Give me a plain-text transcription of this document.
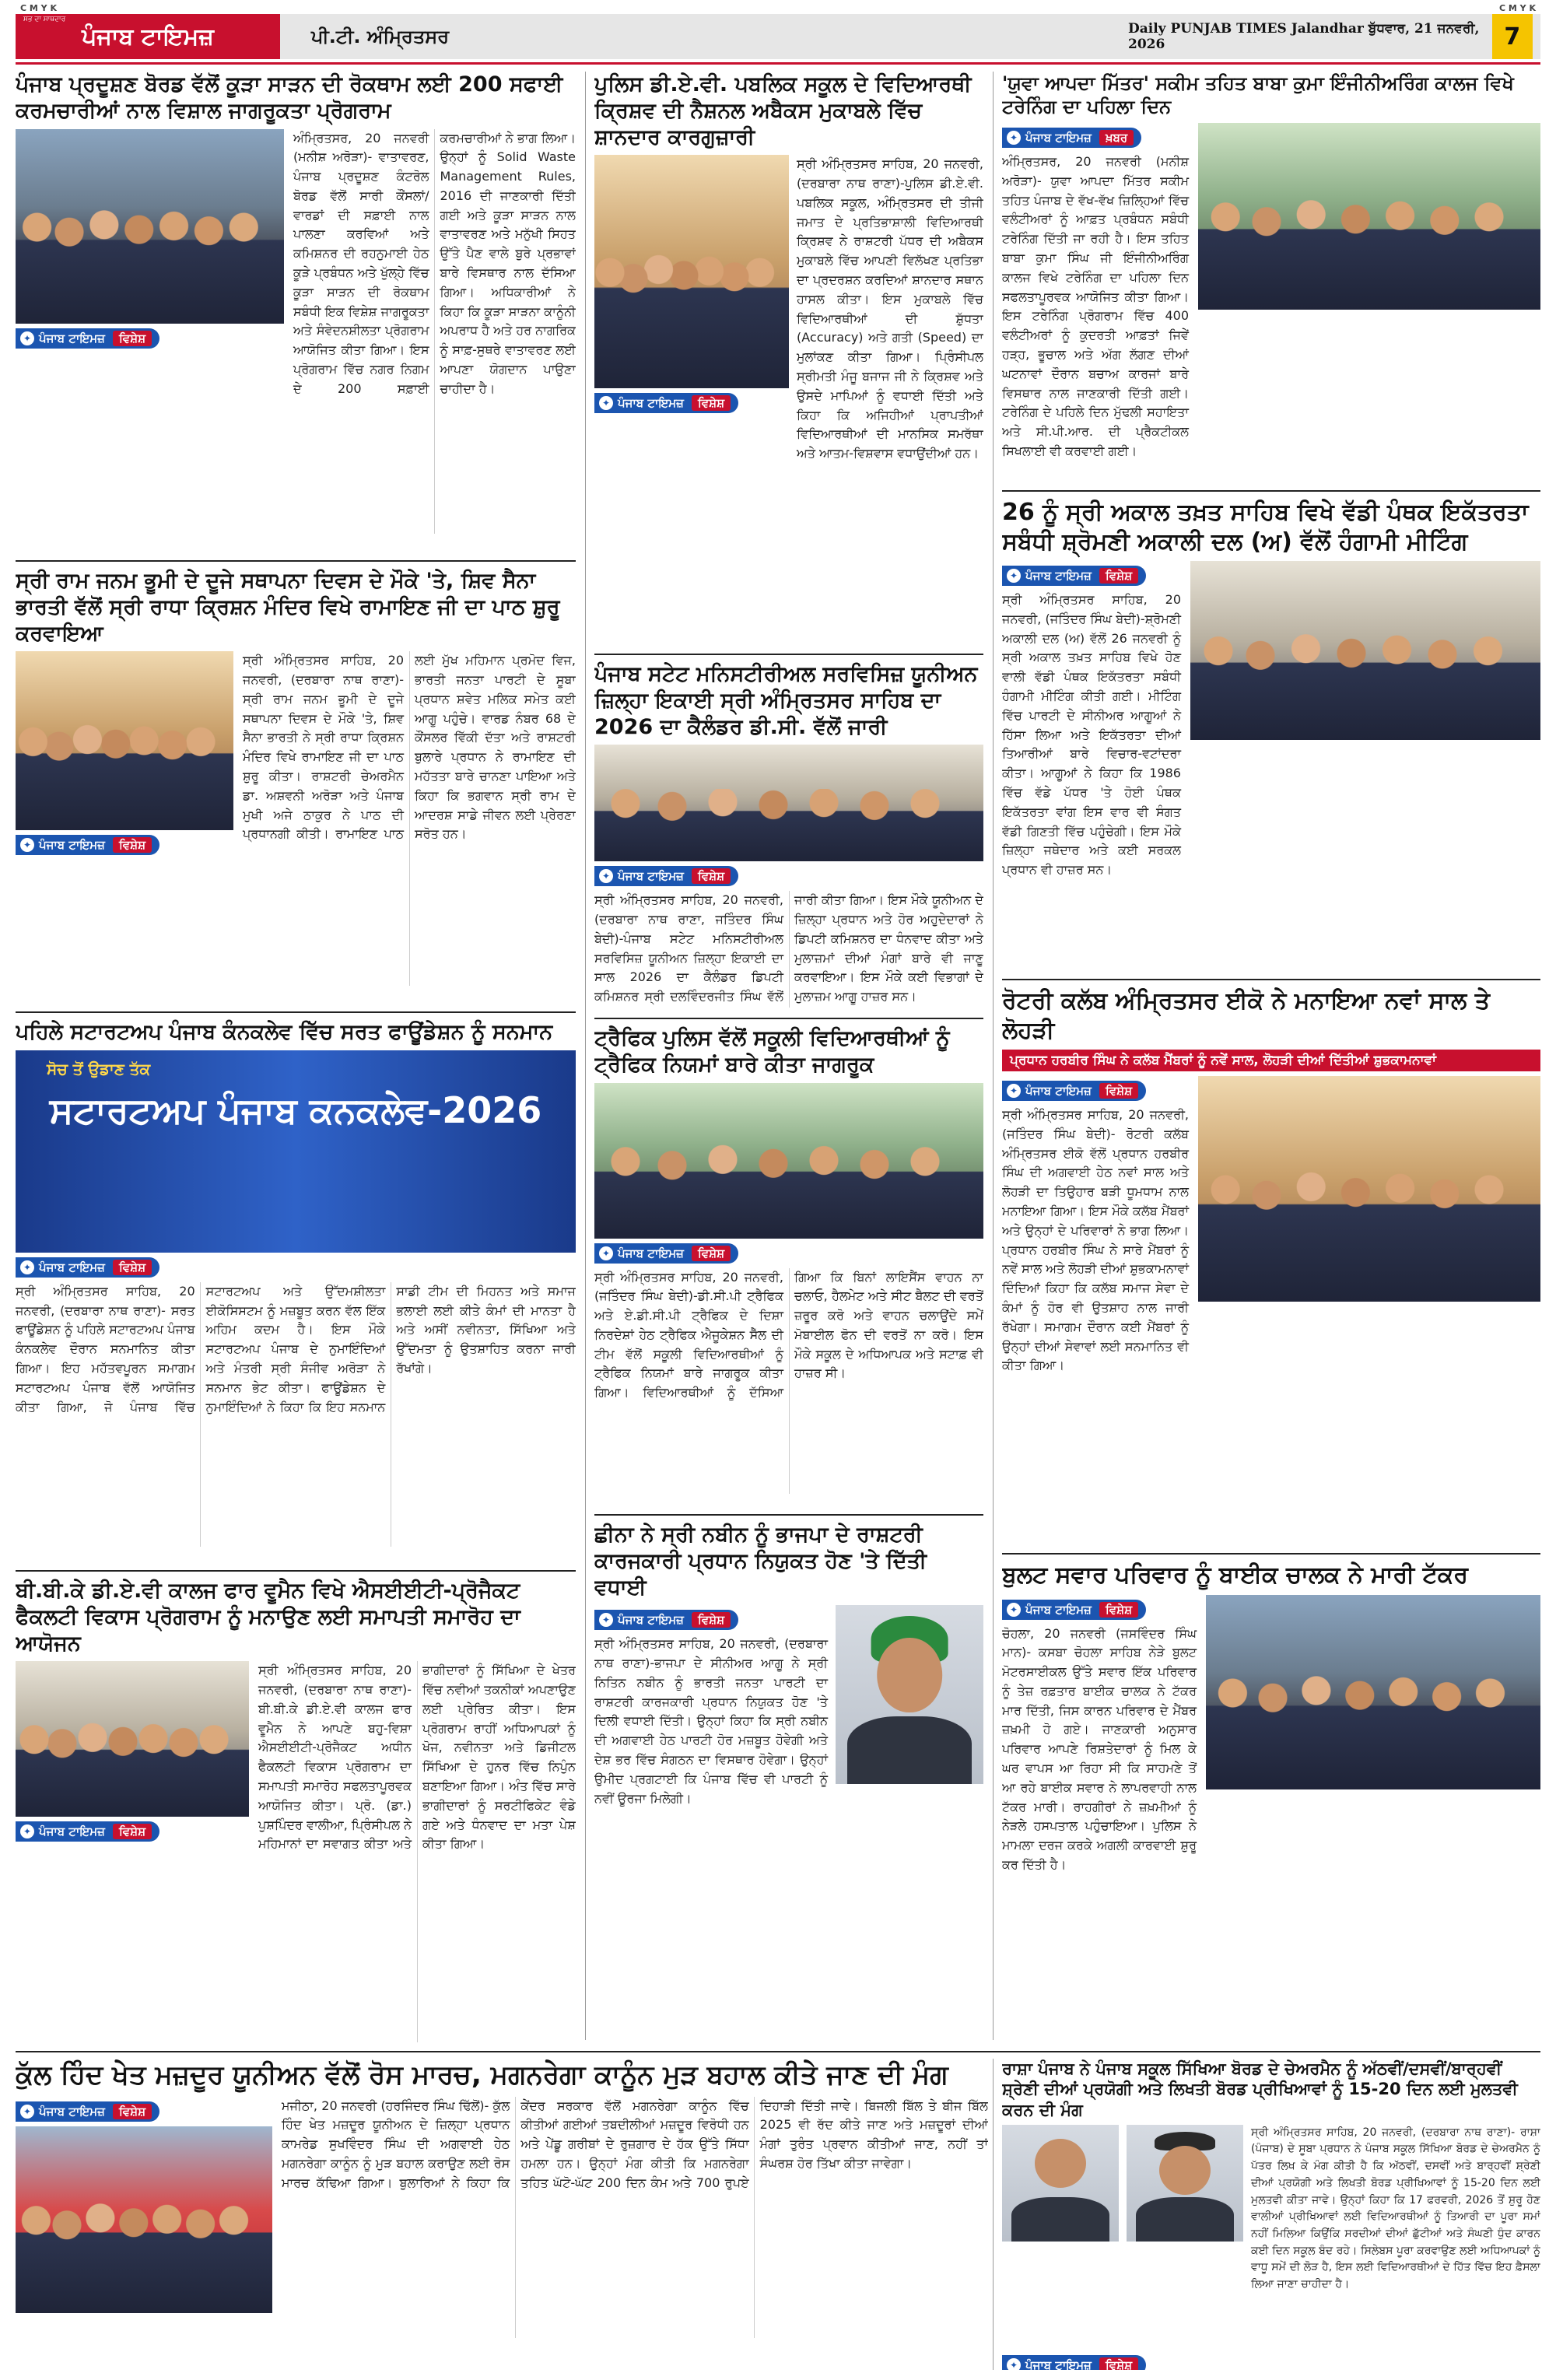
C M Y K	C M Y K
ਸਭ ਦਾ ਸਾਥਦਾਰ
ਪੰਜਾਬ ਟਾਇਮਜ਼	ਪੀ.ਟੀ. ਅੰਮ੍ਰਿਤਸਰ	Daily PUNJAB TIMES Jalandhar ਬੁੱਧਵਾਰ, 21 ਜਨਵਰੀ, 2026	7
ਪੰਜਾਬ ਪ੍ਰਦੂਸ਼ਣ ਬੋਰਡ ਵੱਲੋਂ ਕੂੜਾ ਸਾੜਨ ਦੀ ਰੋਕਥਾਮ ਲਈ 200 ਸਫਾਈ ਕਰਮਚਾਰੀਆਂ ਨਾਲ ਵਿਸ਼ਾਲ ਜਾਗਰੂਕਤਾ ਪ੍ਰੋਗਰਾਮ
✦ ਪੰਜਾਬ ਟਾਇਮਜ਼	ਵਿਸ਼ੇਸ਼
ਅੰਮ੍ਰਿਤਸਰ, 20 ਜਨਵਰੀ (ਮਨੀਸ਼ ਅਰੋੜਾ)- ਵਾਤਾਵਰਣ, ਪੰਜਾਬ ਪ੍ਰਦੂਸ਼ਣ ਕੰਟਰੋਲ ਬੋਰਡ ਵੱਲੋਂ ਸਾਰੀ ਕੌਂਸਲਾਂ/ਵਾਰਡਾਂ ਦੀ ਸਫ਼ਾਈ ਨਾਲ ਪਾਲਣਾ ਕਰਵਿਆਂ ਅਤੇ ਕਮਿਸ਼ਨਰ ਦੀ ਰਹਨੁਮਾਈ ਹੇਠ ਕੂੜੇ ਪ੍ਰਬੰਧਨ ਅਤੇ ਖੁੱਲ੍ਹੇ ਵਿੱਚ ਕੂੜਾ ਸਾੜਨ ਦੀ ਰੋਕਥਾਮ ਸਬੰਧੀ ਇਕ ਵਿਸ਼ੇਸ਼ ਜਾਗਰੂਕਤਾ ਅਤੇ ਸੰਵੇਦਨਸ਼ੀਲਤਾ ਪ੍ਰੋਗਰਾਮ ਆਯੋਜਿਤ ਕੀਤਾ ਗਿਆ। ਇਸ ਪ੍ਰੋਗਰਾਮ ਵਿੱਚ ਨਗਰ ਨਿਗਮ ਦੇ 200 ਸਫ਼ਾਈ ਕਰਮਚਾਰੀਆਂ ਨੇ ਭਾਗ ਲਿਆ। ਉਨ੍ਹਾਂ ਨੂੰ Solid Waste Management Rules, 2016 ਦੀ ਜਾਣਕਾਰੀ ਦਿੱਤੀ ਗਈ ਅਤੇ ਕੂੜਾ ਸਾੜਨ ਨਾਲ ਵਾਤਾਵਰਣ ਅਤੇ ਮਨੁੱਖੀ ਸਿਹਤ ਉੱਤੇ ਪੈਣ ਵਾਲੇ ਬੁਰੇ ਪ੍ਰਭਾਵਾਂ ਬਾਰੇ ਵਿਸਥਾਰ ਨਾਲ ਦੱਸਿਆ ਗਿਆ। ਅਧਿਕਾਰੀਆਂ ਨੇ ਕਿਹਾ ਕਿ ਕੂੜਾ ਸਾੜਨਾ ਕਾਨੂੰਨੀ ਅਪਰਾਧ ਹੈ ਅਤੇ ਹਰ ਨਾਗਰਿਕ ਨੂੰ ਸਾਫ਼-ਸੁਥਰੇ ਵਾਤਾਵਰਣ ਲਈ ਆਪਣਾ ਯੋਗਦਾਨ ਪਾਉਣਾ ਚਾਹੀਦਾ ਹੈ।
ਸ੍ਰੀ ਰਾਮ ਜਨਮ ਭੂਮੀ ਦੇ ਦੂਜੇ ਸਥਾਪਨਾ ਦਿਵਸ ਦੇ ਮੌਕੇ 'ਤੇ, ਸ਼ਿਵ ਸੈਨਾ ਭਾਰਤੀ ਵੱਲੋਂ ਸ੍ਰੀ ਰਾਧਾ ਕ੍ਰਿਸ਼ਨ ਮੰਦਿਰ ਵਿਖੇ ਰਾਮਾਇਣ ਜੀ ਦਾ ਪਾਠ ਸ਼ੁਰੂ ਕਰਵਾਇਆ
✦ ਪੰਜਾਬ ਟਾਇਮਜ਼	ਵਿਸ਼ੇਸ਼
ਸ੍ਰੀ ਅੰਮ੍ਰਿਤਸਰ ਸਾਹਿਬ, 20 ਜਨਵਰੀ, (ਦਰਬਾਰਾ ਨਾਥ ਰਾਣਾ)-ਸ੍ਰੀ ਰਾਮ ਜਨਮ ਭੂਮੀ ਦੇ ਦੂਜੇ ਸਥਾਪਨਾ ਦਿਵਸ ਦੇ ਮੌਕੇ 'ਤੇ, ਸ਼ਿਵ ਸੈਨਾ ਭਾਰਤੀ ਨੇ ਸ੍ਰੀ ਰਾਧਾ ਕ੍ਰਿਸ਼ਨ ਮੰਦਿਰ ਵਿਖੇ ਰਾਮਾਇਣ ਜੀ ਦਾ ਪਾਠ ਸ਼ੁਰੂ ਕੀਤਾ। ਰਾਸ਼ਟਰੀ ਚੇਅਰਮੈਨ ਡਾ. ਅਸ਼ਵਨੀ ਅਰੋੜਾ ਅਤੇ ਪੰਜਾਬ ਮੁਖੀ ਅਜੇ ਠਾਕੁਰ ਨੇ ਪਾਠ ਦੀ ਪ੍ਰਧਾਨਗੀ ਕੀਤੀ। ਰਾਮਾਇਣ ਪਾਠ ਲਈ ਮੁੱਖ ਮਹਿਮਾਨ ਪ੍ਰਮੋਦ ਵਿਜ, ਭਾਰਤੀ ਜਨਤਾ ਪਾਰਟੀ ਦੇ ਸੂਬਾ ਪ੍ਰਧਾਨ ਸ਼ਵੇਤ ਮਲਿਕ ਸਮੇਤ ਕਈ ਆਗੂ ਪਹੁੰਚੇ। ਵਾਰਡ ਨੰਬਰ 68 ਦੇ ਕੌਂਸਲਰ ਵਿੱਕੀ ਦੱਤਾ ਅਤੇ ਰਾਸ਼ਟਰੀ ਬੁਲਾਰੇ ਪ੍ਰਧਾਨ ਨੇ ਰਾਮਾਇਣ ਦੀ ਮਹੱਤਤਾ ਬਾਰੇ ਚਾਨਣਾ ਪਾਇਆ ਅਤੇ ਕਿਹਾ ਕਿ ਭਗਵਾਨ ਸ੍ਰੀ ਰਾਮ ਦੇ ਆਦਰਸ਼ ਸਾਡੇ ਜੀਵਨ ਲਈ ਪ੍ਰੇਰਣਾ ਸਰੋਤ ਹਨ।
ਪਹਿਲੇ ਸਟਾਰਟਅਪ ਪੰਜਾਬ ਕੰਨਕਲੇਵ ਵਿੱਚ ਸਰਤ ਫਾਊਂਡੇਸ਼ਨ ਨੂੰ ਸਨਮਾਨ
ਸੋਚ ਤੋਂ ਉਡਾਣ ਤੱਕ
ਸਟਾਰਟਅਪ ਪੰਜਾਬ ਕਨਕਲੇਵ-2026
✦ ਪੰਜਾਬ ਟਾਇਮਜ਼	ਵਿਸ਼ੇਸ਼
ਸ੍ਰੀ ਅੰਮ੍ਰਿਤਸਰ ਸਾਹਿਬ, 20 ਜਨਵਰੀ, (ਦਰਬਾਰਾ ਨਾਥ ਰਾਣਾ)- ਸਰਤ ਫਾਊਂਡੇਸ਼ਨ ਨੂੰ ਪਹਿਲੇ ਸਟਾਰਟਅਪ ਪੰਜਾਬ ਕੰਨਕਲੇਵ ਦੌਰਾਨ ਸਨਮਾਨਿਤ ਕੀਤਾ ਗਿਆ। ਇਹ ਮਹੱਤਵਪੂਰਨ ਸਮਾਗਮ ਸਟਾਰਟਅਪ ਪੰਜਾਬ ਵੱਲੋਂ ਆਯੋਜਿਤ ਕੀਤਾ ਗਿਆ, ਜੋ ਪੰਜਾਬ ਵਿੱਚ ਸਟਾਰਟਅਪ ਅਤੇ ਉੱਦਮਸ਼ੀਲਤਾ ਈਕੋਸਿਸਟਮ ਨੂੰ ਮਜ਼ਬੂਤ ਕਰਨ ਵੱਲ ਇੱਕ ਅਹਿਮ ਕਦਮ ਹੈ। ਇਸ ਮੌਕੇ ਸਟਾਰਟਅਪ ਪੰਜਾਬ ਦੇ ਨੁਮਾਇੰਦਿਆਂ ਅਤੇ ਮੰਤਰੀ ਸ੍ਰੀ ਸੰਜੀਵ ਅਰੋੜਾ ਨੇ ਸਨਮਾਨ ਭੇਟ ਕੀਤਾ। ਫਾਊਂਡੇਸ਼ਨ ਦੇ ਨੁਮਾਇੰਦਿਆਂ ਨੇ ਕਿਹਾ ਕਿ ਇਹ ਸਨਮਾਨ ਸਾਡੀ ਟੀਮ ਦੀ ਮਿਹਨਤ ਅਤੇ ਸਮਾਜ ਭਲਾਈ ਲਈ ਕੀਤੇ ਕੰਮਾਂ ਦੀ ਮਾਨਤਾ ਹੈ ਅਤੇ ਅਸੀਂ ਨਵੀਨਤਾ, ਸਿੱਖਿਆ ਅਤੇ ਉੱਦਮਤਾ ਨੂੰ ਉਤਸ਼ਾਹਿਤ ਕਰਨਾ ਜਾਰੀ ਰੱਖਾਂਗੇ।
ਬੀ.ਬੀ.ਕੇ ਡੀ.ਏ.ਵੀ ਕਾਲਜ ਫਾਰ ਵੂਮੈਨ ਵਿਖੇ ਐਸਈਈਟੀ-ਪ੍ਰੋਜੈਕਟ ਫੈਕਲਟੀ ਵਿਕਾਸ ਪ੍ਰੋਗਰਾਮ ਨੂੰ ਮਨਾਉਣ ਲਈ ਸਮਾਪਤੀ ਸਮਾਰੋਹ ਦਾ ਆਯੋਜਨ
✦ ਪੰਜਾਬ ਟਾਇਮਜ਼	ਵਿਸ਼ੇਸ਼
ਸ੍ਰੀ ਅੰਮ੍ਰਿਤਸਰ ਸਾਹਿਬ, 20 ਜਨਵਰੀ, (ਦਰਬਾਰਾ ਨਾਥ ਰਾਣਾ)-ਬੀ.ਬੀ.ਕੇ ਡੀ.ਏ.ਵੀ ਕਾਲਜ ਫਾਰ ਵੂਮੈਨ ਨੇ ਆਪਣੇ ਬਹੁ-ਵਿਸ਼ਾ ਐਸਈਈਟੀ-ਪ੍ਰੋਜੈਕਟ ਅਧੀਨ ਫੈਕਲਟੀ ਵਿਕਾਸ ਪ੍ਰੋਗਰਾਮ ਦਾ ਸਮਾਪਤੀ ਸਮਾਰੋਹ ਸਫਲਤਾਪੂਰਵਕ ਆਯੋਜਿਤ ਕੀਤਾ। ਪ੍ਰੋ. (ਡਾ.) ਪੁਸ਼ਪਿੰਦਰ ਵਾਲੀਆ, ਪ੍ਰਿੰਸੀਪਲ ਨੇ ਮਹਿਮਾਨਾਂ ਦਾ ਸਵਾਗਤ ਕੀਤਾ ਅਤੇ ਭਾਗੀਦਾਰਾਂ ਨੂੰ ਸਿੱਖਿਆ ਦੇ ਖੇਤਰ ਵਿੱਚ ਨਵੀਆਂ ਤਕਨੀਕਾਂ ਅਪਣਾਉਣ ਲਈ ਪ੍ਰੇਰਿਤ ਕੀਤਾ। ਇਸ ਪ੍ਰੋਗਰਾਮ ਰਾਹੀਂ ਅਧਿਆਪਕਾਂ ਨੂੰ ਖੋਜ, ਨਵੀਨਤਾ ਅਤੇ ਡਿਜੀਟਲ ਸਿੱਖਿਆ ਦੇ ਹੁਨਰ ਵਿੱਚ ਨਿਪੁੰਨ ਬਣਾਇਆ ਗਿਆ। ਅੰਤ ਵਿੱਚ ਸਾਰੇ ਭਾਗੀਦਾਰਾਂ ਨੂੰ ਸਰਟੀਫਿਕੇਟ ਵੰਡੇ ਗਏ ਅਤੇ ਧੰਨਵਾਦ ਦਾ ਮਤਾ ਪੇਸ਼ ਕੀਤਾ ਗਿਆ।
ਪੁਲਿਸ ਡੀ.ਏ.ਵੀ. ਪਬਲਿਕ ਸਕੂਲ ਦੇ ਵਿਦਿਆਰਥੀ ਕ੍ਰਿਸ਼ਵ ਦੀ ਨੈਸ਼ਨਲ ਅਬੈਕਸ ਮੁਕਾਬਲੇ ਵਿੱਚ ਸ਼ਾਨਦਾਰ ਕਾਰਗੁਜ਼ਾਰੀ
✦ ਪੰਜਾਬ ਟਾਇਮਜ਼	ਵਿਸ਼ੇਸ਼
ਸ੍ਰੀ ਅੰਮ੍ਰਿਤਸਰ ਸਾਹਿਬ, 20 ਜਨਵਰੀ, (ਦਰਬਾਰਾ ਨਾਥ ਰਾਣਾ)-ਪੁਲਿਸ ਡੀ.ਏ.ਵੀ. ਪਬਲਿਕ ਸਕੂਲ, ਅੰਮ੍ਰਿਤਸਰ ਦੀ ਤੀਜੀ ਜਮਾਤ ਦੇ ਪ੍ਰਤਿਭਾਸ਼ਾਲੀ ਵਿਦਿਆਰਥੀ ਕ੍ਰਿਸ਼ਵ ਨੇ ਰਾਸ਼ਟਰੀ ਪੱਧਰ ਦੀ ਅਬੈਕਸ ਮੁਕਾਬਲੇ ਵਿੱਚ ਆਪਣੀ ਵਿਲੱਖਣ ਪ੍ਰਤਿਭਾ ਦਾ ਪ੍ਰਦਰਸ਼ਨ ਕਰਦਿਆਂ ਸ਼ਾਨਦਾਰ ਸਥਾਨ ਹਾਸਲ ਕੀਤਾ। ਇਸ ਮੁਕਾਬਲੇ ਵਿੱਚ ਵਿਦਿਆਰਥੀਆਂ ਦੀ ਸ਼ੁੱਧਤਾ (Accuracy) ਅਤੇ ਗਤੀ (Speed) ਦਾ ਮੁਲਾਂਕਣ ਕੀਤਾ ਗਿਆ। ਪ੍ਰਿੰਸੀਪਲ ਸ੍ਰੀਮਤੀ ਮੰਜੂ ਬਜਾਜ ਜੀ ਨੇ ਕ੍ਰਿਸ਼ਵ ਅਤੇ ਉਸਦੇ ਮਾਪਿਆਂ ਨੂੰ ਵਧਾਈ ਦਿੱਤੀ ਅਤੇ ਕਿਹਾ ਕਿ ਅਜਿਹੀਆਂ ਪ੍ਰਾਪਤੀਆਂ ਵਿਦਿਆਰਥੀਆਂ ਦੀ ਮਾਨਸਿਕ ਸਮਰੱਥਾ ਅਤੇ ਆਤਮ-ਵਿਸ਼ਵਾਸ ਵਧਾਉਂਦੀਆਂ ਹਨ।
ਪੰਜਾਬ ਸਟੇਟ ਮਨਿਸਟੀਰੀਅਲ ਸਰਵਿਸਿਜ਼ ਯੂਨੀਅਨ ਜ਼ਿਲ੍ਹਾ ਇਕਾਈ ਸ੍ਰੀ ਅੰਮ੍ਰਿਤਸਰ ਸਾਹਿਬ ਦਾ 2026 ਦਾ ਕੈਲੰਡਰ ਡੀ.ਸੀ. ਵੱਲੋਂ ਜਾਰੀ
✦ ਪੰਜਾਬ ਟਾਇਮਜ਼	ਵਿਸ਼ੇਸ਼
ਸ੍ਰੀ ਅੰਮ੍ਰਿਤਸਰ ਸਾਹਿਬ, 20 ਜਨਵਰੀ, (ਦਰਬਾਰਾ ਨਾਥ ਰਾਣਾ, ਜਤਿੰਦਰ ਸਿੰਘ ਬੇਦੀ)-ਪੰਜਾਬ ਸਟੇਟ ਮਨਿਸਟੀਰੀਅਲ ਸਰਵਿਸਿਜ਼ ਯੂਨੀਅਨ ਜ਼ਿਲ੍ਹਾ ਇਕਾਈ ਦਾ ਸਾਲ 2026 ਦਾ ਕੈਲੰਡਰ ਡਿਪਟੀ ਕਮਿਸ਼ਨਰ ਸ੍ਰੀ ਦਲਵਿੰਦਰਜੀਤ ਸਿੰਘ ਵੱਲੋਂ ਜਾਰੀ ਕੀਤਾ ਗਿਆ। ਇਸ ਮੌਕੇ ਯੂਨੀਅਨ ਦੇ ਜ਼ਿਲ੍ਹਾ ਪ੍ਰਧਾਨ ਅਤੇ ਹੋਰ ਅਹੁਦੇਦਾਰਾਂ ਨੇ ਡਿਪਟੀ ਕਮਿਸ਼ਨਰ ਦਾ ਧੰਨਵਾਦ ਕੀਤਾ ਅਤੇ ਮੁਲਾਜ਼ਮਾਂ ਦੀਆਂ ਮੰਗਾਂ ਬਾਰੇ ਵੀ ਜਾਣੂ ਕਰਵਾਇਆ। ਇਸ ਮੌਕੇ ਕਈ ਵਿਭਾਗਾਂ ਦੇ ਮੁਲਾਜ਼ਮ ਆਗੂ ਹਾਜ਼ਰ ਸਨ।
ਟ੍ਰੈਫਿਕ ਪੁਲਿਸ ਵੱਲੋਂ ਸਕੂਲੀ ਵਿਦਿਆਰਥੀਆਂ ਨੂੰ ਟ੍ਰੈਫਿਕ ਨਿਯਮਾਂ ਬਾਰੇ ਕੀਤਾ ਜਾਗਰੂਕ
✦ ਪੰਜਾਬ ਟਾਇਮਜ਼	ਵਿਸ਼ੇਸ਼
ਸ੍ਰੀ ਅੰਮ੍ਰਿਤਸਰ ਸਾਹਿਬ, 20 ਜਨਵਰੀ, (ਜਤਿੰਦਰ ਸਿੰਘ ਬੇਦੀ)-ਡੀ.ਸੀ.ਪੀ ਟ੍ਰੈਫਿਕ ਅਤੇ ਏ.ਡੀ.ਸੀ.ਪੀ ਟ੍ਰੈਫਿਕ ਦੇ ਦਿਸ਼ਾ ਨਿਰਦੇਸ਼ਾਂ ਹੇਠ ਟ੍ਰੈਫਿਕ ਐਜੂਕੇਸ਼ਨ ਸੈੱਲ ਦੀ ਟੀਮ ਵੱਲੋਂ ਸਕੂਲੀ ਵਿਦਿਆਰਥੀਆਂ ਨੂੰ ਟ੍ਰੈਫਿਕ ਨਿਯਮਾਂ ਬਾਰੇ ਜਾਗਰੂਕ ਕੀਤਾ ਗਿਆ। ਵਿਦਿਆਰਥੀਆਂ ਨੂੰ ਦੱਸਿਆ ਗਿਆ ਕਿ ਬਿਨਾਂ ਲਾਇਸੈਂਸ ਵਾਹਨ ਨਾ ਚਲਾਓ, ਹੈਲਮੇਟ ਅਤੇ ਸੀਟ ਬੈਲਟ ਦੀ ਵਰਤੋਂ ਜ਼ਰੂਰ ਕਰੋ ਅਤੇ ਵਾਹਨ ਚਲਾਉਂਦੇ ਸਮੇਂ ਮੋਬਾਈਲ ਫੋਨ ਦੀ ਵਰਤੋਂ ਨਾ ਕਰੋ। ਇਸ ਮੌਕੇ ਸਕੂਲ ਦੇ ਅਧਿਆਪਕ ਅਤੇ ਸਟਾਫ਼ ਵੀ ਹਾਜ਼ਰ ਸੀ।
ਛੀਨਾ ਨੇ ਸ੍ਰੀ ਨਬੀਨ ਨੂੰ ਭਾਜਪਾ ਦੇ ਰਾਸ਼ਟਰੀ ਕਾਰਜਕਾਰੀ ਪ੍ਰਧਾਨ ਨਿਯੁਕਤ ਹੋਣ 'ਤੇ ਦਿੱਤੀ ਵਧਾਈ
✦ ਪੰਜਾਬ ਟਾਇਮਜ਼	ਵਿਸ਼ੇਸ਼
ਸ੍ਰੀ ਅੰਮ੍ਰਿਤਸਰ ਸਾਹਿਬ, 20 ਜਨਵਰੀ, (ਦਰਬਾਰਾ ਨਾਥ ਰਾਣਾ)-ਭਾਜਪਾ ਦੇ ਸੀਨੀਅਰ ਆਗੂ ਨੇ ਸ੍ਰੀ ਨਿਤਿਨ ਨਬੀਨ ਨੂੰ ਭਾਰਤੀ ਜਨਤਾ ਪਾਰਟੀ ਦਾ ਰਾਸ਼ਟਰੀ ਕਾਰਜਕਾਰੀ ਪ੍ਰਧਾਨ ਨਿਯੁਕਤ ਹੋਣ 'ਤੇ ਦਿਲੀ ਵਧਾਈ ਦਿੱਤੀ। ਉਨ੍ਹਾਂ ਕਿਹਾ ਕਿ ਸ੍ਰੀ ਨਬੀਨ ਦੀ ਅਗਵਾਈ ਹੇਠ ਪਾਰਟੀ ਹੋਰ ਮਜ਼ਬੂਤ ਹੋਵੇਗੀ ਅਤੇ ਦੇਸ਼ ਭਰ ਵਿੱਚ ਸੰਗਠਨ ਦਾ ਵਿਸਥਾਰ ਹੋਵੇਗਾ। ਉਨ੍ਹਾਂ ਉਮੀਦ ਪ੍ਰਗਟਾਈ ਕਿ ਪੰਜਾਬ ਵਿੱਚ ਵੀ ਪਾਰਟੀ ਨੂੰ ਨਵੀਂ ਊਰਜਾ ਮਿਲੇਗੀ।
'ਯੁਵਾ ਆਪਦਾ ਮਿੱਤਰ' ਸਕੀਮ ਤਹਿਤ ਬਾਬਾ ਕੁਮਾ ਇੰਜੀਨੀਅਰਿੰਗ ਕਾਲਜ ਵਿਖੇ ਟਰੇਨਿੰਗ ਦਾ ਪਹਿਲਾ ਦਿਨ
✦ ਪੰਜਾਬ ਟਾਇਮਜ਼	ਖ਼ਬਰ
ਅੰਮ੍ਰਿਤਸਰ, 20 ਜਨਵਰੀ (ਮਨੀਸ਼ ਅਰੋੜਾ)- ਯੁਵਾ ਆਪਦਾ ਮਿੱਤਰ ਸਕੀਮ ਤਹਿਤ ਪੰਜਾਬ ਦੇ ਵੱਖ-ਵੱਖ ਜ਼ਿਲ੍ਹਿਆਂ ਵਿੱਚ ਵਲੰਟੀਅਰਾਂ ਨੂੰ ਆਫ਼ਤ ਪ੍ਰਬੰਧਨ ਸਬੰਧੀ ਟਰੇਨਿੰਗ ਦਿੱਤੀ ਜਾ ਰਹੀ ਹੈ। ਇਸ ਤਹਿਤ ਬਾਬਾ ਕੁਮਾ ਸਿੰਘ ਜੀ ਇੰਜੀਨੀਅਰਿੰਗ ਕਾਲਜ ਵਿਖੇ ਟਰੇਨਿੰਗ ਦਾ ਪਹਿਲਾ ਦਿਨ ਸਫਲਤਾਪੂਰਵਕ ਆਯੋਜਿਤ ਕੀਤਾ ਗਿਆ। ਇਸ ਟਰੇਨਿੰਗ ਪ੍ਰੋਗਰਾਮ ਵਿੱਚ 400 ਵਲੰਟੀਅਰਾਂ ਨੂੰ ਕੁਦਰਤੀ ਆਫ਼ਤਾਂ ਜਿਵੇਂ ਹੜ੍ਹ, ਭੂਚਾਲ ਅਤੇ ਅੱਗ ਲੱਗਣ ਦੀਆਂ ਘਟਨਾਵਾਂ ਦੌਰਾਨ ਬਚਾਅ ਕਾਰਜਾਂ ਬਾਰੇ ਵਿਸਥਾਰ ਨਾਲ ਜਾਣਕਾਰੀ ਦਿੱਤੀ ਗਈ। ਟਰੇਨਿੰਗ ਦੇ ਪਹਿਲੇ ਦਿਨ ਮੁੱਢਲੀ ਸਹਾਇਤਾ ਅਤੇ ਸੀ.ਪੀ.ਆਰ. ਦੀ ਪ੍ਰੈਕਟੀਕਲ ਸਿਖਲਾਈ ਵੀ ਕਰਵਾਈ ਗਈ।
26 ਨੂੰ ਸ੍ਰੀ ਅਕਾਲ ਤਖ਼ਤ ਸਾਹਿਬ ਵਿਖੇ ਵੱਡੀ ਪੰਥਕ ਇਕੱਤਰਤਾ ਸਬੰਧੀ ਸ਼੍ਰੋਮਣੀ ਅਕਾਲੀ ਦਲ (ਅ) ਵੱਲੋਂ ਹੰਗਾਮੀ ਮੀਟਿੰਗ
✦ ਪੰਜਾਬ ਟਾਇਮਜ਼	ਵਿਸ਼ੇਸ਼
ਸ੍ਰੀ ਅੰਮ੍ਰਿਤਸਰ ਸਾਹਿਬ, 20 ਜਨਵਰੀ, (ਜਤਿੰਦਰ ਸਿੰਘ ਬੇਦੀ)-ਸ਼੍ਰੋਮਣੀ ਅਕਾਲੀ ਦਲ (ਅ) ਵੱਲੋਂ 26 ਜਨਵਰੀ ਨੂੰ ਸ੍ਰੀ ਅਕਾਲ ਤਖ਼ਤ ਸਾਹਿਬ ਵਿਖੇ ਹੋਣ ਵਾਲੀ ਵੱਡੀ ਪੰਥਕ ਇਕੱਤਰਤਾ ਸਬੰਧੀ ਹੰਗਾਮੀ ਮੀਟਿੰਗ ਕੀਤੀ ਗਈ। ਮੀਟਿੰਗ ਵਿੱਚ ਪਾਰਟੀ ਦੇ ਸੀਨੀਅਰ ਆਗੂਆਂ ਨੇ ਹਿੱਸਾ ਲਿਆ ਅਤੇ ਇਕੱਤਰਤਾ ਦੀਆਂ ਤਿਆਰੀਆਂ ਬਾਰੇ ਵਿਚਾਰ-ਵਟਾਂਦਰਾ ਕੀਤਾ। ਆਗੂਆਂ ਨੇ ਕਿਹਾ ਕਿ 1986 ਵਿੱਚ ਵੱਡੇ ਪੱਧਰ 'ਤੇ ਹੋਈ ਪੰਥਕ ਇਕੱਤਰਤਾ ਵਾਂਗ ਇਸ ਵਾਰ ਵੀ ਸੰਗਤ ਵੱਡੀ ਗਿਣਤੀ ਵਿੱਚ ਪਹੁੰਚੇਗੀ। ਇਸ ਮੌਕੇ ਜ਼ਿਲ੍ਹਾ ਜਥੇਦਾਰ ਅਤੇ ਕਈ ਸਰਕਲ ਪ੍ਰਧਾਨ ਵੀ ਹਾਜ਼ਰ ਸਨ।
ਰੋਟਰੀ ਕਲੱਬ ਅੰਮ੍ਰਿਤਸਰ ਈਕੋ ਨੇ ਮਨਾਇਆ ਨਵਾਂ ਸਾਲ ਤੇ ਲੋਹੜੀ
ਪ੍ਰਧਾਨ ਹਰਬੀਰ ਸਿੰਘ ਨੇ ਕਲੱਬ ਮੈਂਬਰਾਂ ਨੂੰ ਨਵੇਂ ਸਾਲ, ਲੋਹੜੀ ਦੀਆਂ ਦਿੱਤੀਆਂ ਸ਼ੁਭਕਾਮਨਾਵਾਂ
✦ ਪੰਜਾਬ ਟਾਇਮਜ਼	ਵਿਸ਼ੇਸ਼
ਸ੍ਰੀ ਅੰਮ੍ਰਿਤਸਰ ਸਾਹਿਬ, 20 ਜਨਵਰੀ, (ਜਤਿੰਦਰ ਸਿੰਘ ਬੇਦੀ)- ਰੋਟਰੀ ਕਲੱਬ ਅੰਮ੍ਰਿਤਸਰ ਈਕੋ ਵੱਲੋਂ ਪ੍ਰਧਾਨ ਹਰਬੀਰ ਸਿੰਘ ਦੀ ਅਗਵਾਈ ਹੇਠ ਨਵਾਂ ਸਾਲ ਅਤੇ ਲੋਹੜੀ ਦਾ ਤਿਉਹਾਰ ਬੜੀ ਧੂਮਧਾਮ ਨਾਲ ਮਨਾਇਆ ਗਿਆ। ਇਸ ਮੌਕੇ ਕਲੱਬ ਮੈਂਬਰਾਂ ਅਤੇ ਉਨ੍ਹਾਂ ਦੇ ਪਰਿਵਾਰਾਂ ਨੇ ਭਾਗ ਲਿਆ। ਪ੍ਰਧਾਨ ਹਰਬੀਰ ਸਿੰਘ ਨੇ ਸਾਰੇ ਮੈਂਬਰਾਂ ਨੂੰ ਨਵੇਂ ਸਾਲ ਅਤੇ ਲੋਹੜੀ ਦੀਆਂ ਸ਼ੁਭਕਾਮਨਾਵਾਂ ਦਿੰਦਿਆਂ ਕਿਹਾ ਕਿ ਕਲੱਬ ਸਮਾਜ ਸੇਵਾ ਦੇ ਕੰਮਾਂ ਨੂੰ ਹੋਰ ਵੀ ਉਤਸ਼ਾਹ ਨਾਲ ਜਾਰੀ ਰੱਖੇਗਾ। ਸਮਾਗਮ ਦੌਰਾਨ ਕਈ ਮੈਂਬਰਾਂ ਨੂੰ ਉਨ੍ਹਾਂ ਦੀਆਂ ਸੇਵਾਵਾਂ ਲਈ ਸਨਮਾਨਿਤ ਵੀ ਕੀਤਾ ਗਿਆ।
ਬੁਲਟ ਸਵਾਰ ਪਰਿਵਾਰ ਨੂੰ ਬਾਈਕ ਚਾਲਕ ਨੇ ਮਾਰੀ ਟੱਕਰ
✦ ਪੰਜਾਬ ਟਾਇਮਜ਼	ਵਿਸ਼ੇਸ਼
ਚੋਹਲਾ, 20 ਜਨਵਰੀ (ਜਸਵਿੰਦਰ ਸਿੰਘ ਮਾਨ)- ਕਸਬਾ ਚੋਹਲਾ ਸਾਹਿਬ ਨੇੜੇ ਬੁਲਟ ਮੋਟਰਸਾਈਕਲ ਉੱਤੇ ਸਵਾਰ ਇੱਕ ਪਰਿਵਾਰ ਨੂੰ ਤੇਜ਼ ਰਫ਼ਤਾਰ ਬਾਈਕ ਚਾਲਕ ਨੇ ਟੱਕਰ ਮਾਰ ਦਿੱਤੀ, ਜਿਸ ਕਾਰਨ ਪਰਿਵਾਰ ਦੇ ਮੈਂਬਰ ਜ਼ਖ਼ਮੀ ਹੋ ਗਏ। ਜਾਣਕਾਰੀ ਅਨੁਸਾਰ ਪਰਿਵਾਰ ਆਪਣੇ ਰਿਸ਼ਤੇਦਾਰਾਂ ਨੂੰ ਮਿਲ ਕੇ ਘਰ ਵਾਪਸ ਆ ਰਿਹਾ ਸੀ ਕਿ ਸਾਹਮਣੇ ਤੋਂ ਆ ਰਹੇ ਬਾਈਕ ਸਵਾਰ ਨੇ ਲਾਪਰਵਾਹੀ ਨਾਲ ਟੱਕਰ ਮਾਰੀ। ਰਾਹਗੀਰਾਂ ਨੇ ਜ਼ਖ਼ਮੀਆਂ ਨੂੰ ਨੇੜਲੇ ਹਸਪਤਾਲ ਪਹੁੰਚਾਇਆ। ਪੁਲਿਸ ਨੇ ਮਾਮਲਾ ਦਰਜ ਕਰਕੇ ਅਗਲੀ ਕਾਰਵਾਈ ਸ਼ੁਰੂ ਕਰ ਦਿੱਤੀ ਹੈ।
ਕੁੱਲ ਹਿੰਦ ਖੇਤ ਮਜ਼ਦੂਰ ਯੂਨੀਅਨ ਵੱਲੋਂ ਰੋਸ ਮਾਰਚ, ਮਗਨਰੇਗਾ ਕਾਨੂੰਨ ਮੁੜ ਬਹਾਲ ਕੀਤੇ ਜਾਣ ਦੀ ਮੰਗ
✦ ਪੰਜਾਬ ਟਾਇਮਜ਼	ਵਿਸ਼ੇਸ਼	ਮਜੀਠਾ, 20 ਜਨਵਰੀ (ਹਰਜਿੰਦਰ ਸਿੰਘ ਢਿੱਲੋਂ)- ਕੁੱਲ ਹਿੰਦ ਖੇਤ ਮਜ਼ਦੂਰ ਯੂਨੀਅਨ ਦੇ ਜ਼ਿਲ੍ਹਾ ਪ੍ਰਧਾਨ ਕਾਮਰੇਡ ਸੁਖਵਿੰਦਰ ਸਿੰਘ ਦੀ ਅਗਵਾਈ ਹੇਠ ਮਗਨਰੇਗਾ ਕਾਨੂੰਨ ਨੂੰ ਮੁੜ ਬਹਾਲ ਕਰਾਉਣ ਲਈ ਰੋਸ ਮਾਰਚ ਕੱਢਿਆ ਗਿਆ। ਬੁਲਾਰਿਆਂ ਨੇ ਕਿਹਾ ਕਿ ਕੇਂਦਰ ਸਰਕਾਰ ਵੱਲੋਂ ਮਗਨਰੇਗਾ ਕਾਨੂੰਨ ਵਿੱਚ ਕੀਤੀਆਂ ਗਈਆਂ ਤਬਦੀਲੀਆਂ ਮਜ਼ਦੂਰ ਵਿਰੋਧੀ ਹਨ ਅਤੇ ਪੇਂਡੂ ਗਰੀਬਾਂ ਦੇ ਰੁਜ਼ਗਾਰ ਦੇ ਹੱਕ ਉੱਤੇ ਸਿੱਧਾ ਹਮਲਾ ਹਨ। ਉਨ੍ਹਾਂ ਮੰਗ ਕੀਤੀ ਕਿ ਮਗਨਰੇਗਾ ਤਹਿਤ ਘੱਟੋ-ਘੱਟ 200 ਦਿਨ ਕੰਮ ਅਤੇ 700 ਰੁਪਏ ਦਿਹਾੜੀ ਦਿੱਤੀ ਜਾਵੇ। ਬਿਜਲੀ ਬਿੱਲ ਤੇ ਬੀਜ ਬਿੱਲ 2025 ਵੀ ਰੱਦ ਕੀਤੇ ਜਾਣ ਅਤੇ ਮਜ਼ਦੂਰਾਂ ਦੀਆਂ ਮੰਗਾਂ ਤੁਰੰਤ ਪ੍ਰਵਾਨ ਕੀਤੀਆਂ ਜਾਣ, ਨਹੀਂ ਤਾਂ ਸੰਘਰਸ਼ ਹੋਰ ਤਿੱਖਾ ਕੀਤਾ ਜਾਵੇਗਾ।
ਰਾਸ਼ਾ ਪੰਜਾਬ ਨੇ ਪੰਜਾਬ ਸਕੂਲ ਸਿੱਖਿਆ ਬੋਰਡ ਦੇ ਚੇਅਰਮੈਨ ਨੂੰ ਅੱਠਵੀਂ/ਦਸਵੀਂ/ਬਾਰ੍ਹਵੀਂ ਸ਼੍ਰੇਣੀ ਦੀਆਂ ਪ੍ਰਯੋਗੀ ਅਤੇ ਲਿਖਤੀ ਬੋਰਡ ਪ੍ਰੀਖਿਆਵਾਂ ਨੂੰ 15-20 ਦਿਨ ਲਈ ਮੁਲਤਵੀ ਕਰਨ ਦੀ ਮੰਗ
ਸ੍ਰੀ ਅੰਮ੍ਰਿਤਸਰ ਸਾਹਿਬ, 20 ਜਨਵਰੀ, (ਦਰਬਾਰਾ ਨਾਥ ਰਾਣਾ)- ਰਾਸ਼ਾ (ਪੰਜਾਬ) ਦੇ ਸੂਬਾ ਪ੍ਰਧਾਨ ਨੇ ਪੰਜਾਬ ਸਕੂਲ ਸਿੱਖਿਆ ਬੋਰਡ ਦੇ ਚੇਅਰਮੈਨ ਨੂੰ ਪੱਤਰ ਲਿਖ ਕੇ ਮੰਗ ਕੀਤੀ ਹੈ ਕਿ ਅੱਠਵੀਂ, ਦਸਵੀਂ ਅਤੇ ਬਾਰ੍ਹਵੀਂ ਸ਼੍ਰੇਣੀ ਦੀਆਂ ਪ੍ਰਯੋਗੀ ਅਤੇ ਲਿਖਤੀ ਬੋਰਡ ਪ੍ਰੀਖਿਆਵਾਂ ਨੂੰ 15-20 ਦਿਨ ਲਈ ਮੁਲਤਵੀ ਕੀਤਾ ਜਾਵੇ। ਉਨ੍ਹਾਂ ਕਿਹਾ ਕਿ 17 ਫਰਵਰੀ, 2026 ਤੋਂ ਸ਼ੁਰੂ ਹੋਣ ਵਾਲੀਆਂ ਪ੍ਰੀਖਿਆਵਾਂ ਲਈ ਵਿਦਿਆਰਥੀਆਂ ਨੂੰ ਤਿਆਰੀ ਦਾ ਪੂਰਾ ਸਮਾਂ ਨਹੀਂ ਮਿਲਿਆ ਕਿਉਂਕਿ ਸਰਦੀਆਂ ਦੀਆਂ ਛੁੱਟੀਆਂ ਅਤੇ ਸੰਘਣੀ ਧੁੰਦ ਕਾਰਨ ਕਈ ਦਿਨ ਸਕੂਲ ਬੰਦ ਰਹੇ। ਸਿਲੇਬਸ ਪੂਰਾ ਕਰਵਾਉਣ ਲਈ ਅਧਿਆਪਕਾਂ ਨੂੰ ਵਾਧੂ ਸਮੇਂ ਦੀ ਲੋੜ ਹੈ, ਇਸ ਲਈ ਵਿਦਿਆਰਥੀਆਂ ਦੇ ਹਿੱਤ ਵਿੱਚ ਇਹ ਫ਼ੈਸਲਾ ਲਿਆ ਜਾਣਾ ਚਾਹੀਦਾ ਹੈ।
✦ ਪੰਜਾਬ ਟਾਇਮਜ਼	ਵਿਸ਼ੇਸ਼
